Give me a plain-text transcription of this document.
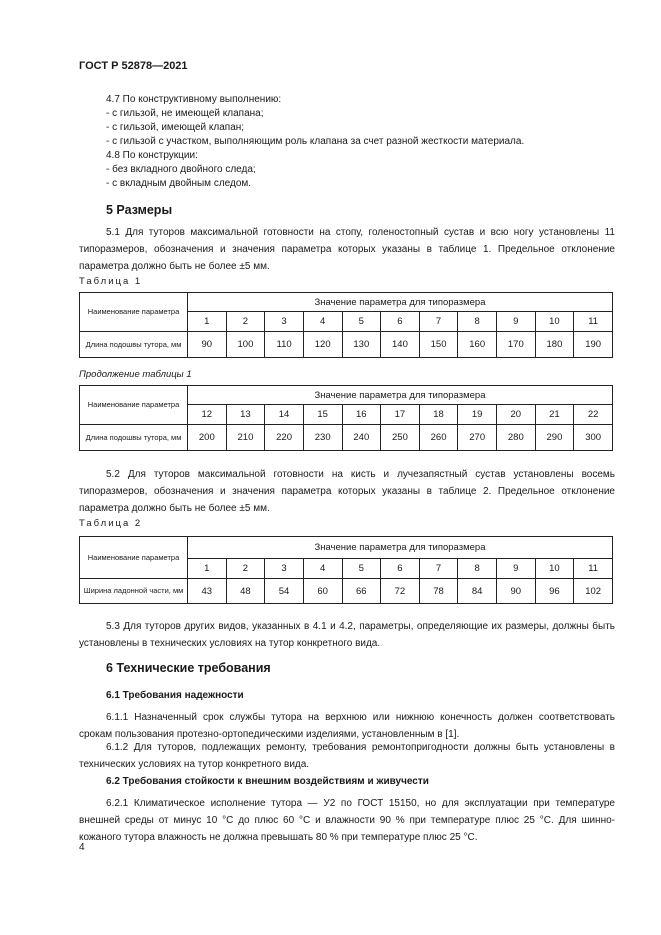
ГОСТ Р 52878—2021
4.7 По конструктивному выполнению:
- с гильзой, не имеющей клапана;
- с гильзой, имеющей клапан;
- с гильзой с участком, выполняющим роль клапана за счет разной жесткости материала.
4.8 По конструкции:
- без вкладного двойного следа;
- с вкладным двойным следом.
5 Размеры
5.1 Для туторов максимальной готовности на стопу, голеностопный сустав и всю ногу установлены 11 типоразмеров, обозначения и значения параметра которых указаны в таблице 1. Предельное отклонение параметра должно быть не более ±5 мм.
Таблица 1
Наименование параметра	Значение параметра для типоразмера										
	1	2	3	4	5	6	7	8	9	10	11
Длина подошвы тутора, мм	90	100	110	120	130	140	150	160	170	180	190
Продолжение таблицы 1
Наименование параметра	Значение параметра для типоразмера										
	12	13	14	15	16	17	18	19	20	21	22
Длина подошвы тутора, мм	200	210	220	230	240	250	260	270	280	290	300
5.2 Для туторов максимальной готовности на кисть и лучезапястный сустав установлены восемь типоразмеров, обозначения и значения параметра которых указаны в таблице 2. Предельное отклонение параметра должно быть не более ±5 мм.
Таблица 2
Наименование параметра	Значение параметра для типоразмера										
	1	2	3	4	5	6	7	8	9	10	11
Ширина ладонной части, мм	43	48	54	60	66	72	78	84	90	96	102
5.3 Для туторов других видов, указанных в 4.1 и 4.2, параметры, определяющие их размеры, должны быть установлены в технических условиях на тутор конкретного вида.
6 Технические требования
6.1 Требования надежности
6.1.1 Назначенный срок службы тутора на верхнюю или нижнюю конечность должен соответствовать срокам пользования протезно-ортопедическими изделиями, установленным в [1].
6.1.2 Для туторов, подлежащих ремонту, требования ремонтопригодности должны быть установлены в технических условиях на тутор конкретного вида.
6.2 Требования стойкости к внешним воздействиям и живучести
6.2.1 Климатическое исполнение тутора — У2 по ГОСТ 15150, но для эксплуатации при температуре внешней среды от минус 10 °С до плюс 60 °С и влажности 90 % при температуре плюс 25 °С. Для шинно-кожаного тутора влажность не должна превышать 80 % при температуре плюс 25 °С.
4
